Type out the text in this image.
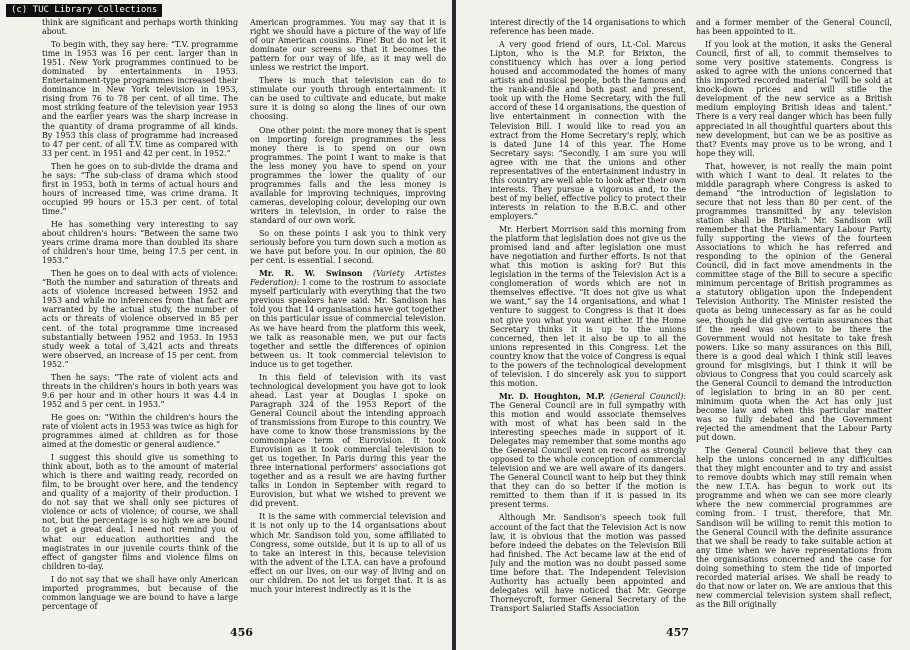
(c) TUC Library Collections

think are significant and perhaps worth thinking about.

To begin with, they say here: “T.V. programme time in 1953 was 16 per cent. larger than in 1951. New York programmes continued to be dominated by entertainments in 1953. Entertainment-type programmes increased their dominance in New York television in 1953, rising from 76 to 78 per cent. of all time. The most striking feature of the television year 1953 and the earlier years was the sharp increase in the quantity of drama programme of all kinds. By 1953 this class of programme had increased to 47 per cent. of all T.V. time as compared with 33 per cent. in 1951 and 42 per cent. in 1952.”

Then he goes on to sub-divide the drama and he says: “The sub-class of drama which stood first in 1953, both in terms of actual hours and hours of increased time, was crime drama. It occupied 99 hours or 15.3 per cent. of total time.”

He has something very interesting to say about children's hours: “Between the same two years crime drama more than doubled its share of children's hour time, being 17.5 per cent. in 1953.”

Then he goes on to deal with acts of violence: “Both the number and saturation of threats and acts of violence increased between 1952 and 1953 and while no inferences from that fact are warranted by the actual study, the number of acts or threats of violence observed in 85 per cent. of the total programme time increased substantially between 1952 and 1953. In 1953 study week a total of 3,421 acts and threats were observed, an increase of 15 per cent. from 1952.”

Then he says: “The rate of violent acts and threats in the children's hours in both years was 9.6 per hour and in other hours it was 4.4 in 1952 and 5 per cent. in 1953.”

He goes on: “Within the children's hours the rate of violent acts in 1953 was twice as high for programmes aimed at children as for those aimed at the domestic or general audience.”

I suggest this should give us something to think about, both as to the amount of material which is there and waiting ready, recorded on film, to be brought over here, and the tendency and quality of a majority of their production. I do not say that we shall only see pictures of violence or acts of violence; of course, we shall not, but the percentage is so high we are bound to get a great deal. I need not remind you of what our education authorities and the magistrates in our juvenile courts think of the effect of gangster films and violence films on children to-day.

I do not say that we shall have only American imported programmes, but because of the common language we are bound to have a large percentage of

American programmes. You may say that it is right we should have a picture of the way of life of our American cousins. Fine! But do not let it dominate our screens so that it becomes the pattern for our way of life, as it may well do unless we restrict the import.

There is much that television can do to stimulate our youth through entertainment: it can be used to cultivate and educate, but make sure it is doing so along the lines of our own choosing.

One other point: the more money that is spent on importing foreign programmes the less money there is to spend on our own programmes. The point I want to make is that the less money you have to spend on your programmes the lower the quality of our programmes falls and the less money is available for improving techniques, improving cameras, developing colour, developing our own writers in television, in order to raise the standard of our own work.

So on these points I ask you to think very seriously before you turn down such a motion as we have put before you. In our opinion, the 80 per cent. is essential. I second.

Mr. R. W. Swinson (Variety Artistes Federation): I come to the rostrum to associate myself particularly with everything that the two previous speakers have said. Mr. Sandison has told you that 14 organisations have got together on this particular issue of commercial television. As we have heard from the platform this week, we talk as reasonable men, we put our facts together and settle the differences of opinion between us. It took commercial television to induce us to get together.

In this field of television with its vast technological development you have got to look ahead. Last year at Douglas I spoke on Paragraph 324 of the 1953 Report of the General Council about the intending approach of transmissions from Europe to this country. We have come to know those transmissions by the commonplace term of Eurovision. It took Eurovision as it took commercial television to get us together. In Paris during this year the three international performers' associations got together and as a result we are having further talks in London in September with regard to Eurovision, but what we wished to prevent we did prevent.

It is the same with commercial television and it is not only up to the 14 organisations about which Mr. Sandison told you, some affiliated to Congress, some outside, but it is up to all of us to take an interest in this, because television with the advent of the I.T.A. can have a profound effect on our lives, on our way of living and on our children. Do not let us forget that. It is as much your interest indirectly as it is the

456

interest directly of the 14 organisations to which reference has been made.

A very good friend of ours, Lt.-Col. Marcus Lipton, who is the M.P. for Brixton, the constituency which has over a long period housed and accommodated the homes of many artists and musical people, both the famous and the rank-and-file and both past and present, took up with the Home Secretary, with the full accord of these 14 organisations, the question of live entertainment in connection with the Television Bill. I would like to read you an extract from the Home Secretary's reply, which is dated June 14 of this year. The Home Secretary says: “Secondly, I am sure you will agree with me that the unions and other representatives of the entertainment industry in this country are well able to look after their own interests. They pursue a vigorous and, to the best of my belief, effective policy to protect their interests in relation to the B.B.C. and other employers.”

Mr. Herbert Morrison said this morning from the platform that legislation does not give us the promised land and after legislation one must have negotiation and further efforts. Is not that what this motion is asking for? But this legislation in the terms of the Television Act is a conglomeration of words which are not in themselves effective. “It does not give us what we want,” say the 14 organisations, and what I venture to suggest to Congress is that it does not give you what you want either. If the Home Secretary thinks it is up to the unions concerned, then let it also be up to all the unions represented in this Congress. Let the country know that the voice of Congress is equal to the powers of the technological development of television. I do sincerely ask you to support this motion.

Mr. D. Houghton, M.P. (General Council): The General Council are in full sympathy with this motion and would associate themselves with most of what has been said in the interesting speeches made in support of it. Delegates may remember that some months ago the General Council went on record as strongly opposed to the whole conception of commercial television and we are well aware of its dangers. The General Council want to help but they think that they can do so better if the motion is remitted to them than if it is passed in its present terms.

Although Mr. Sandison's speech took full account of the fact that the Television Act is now law, it is obvious that the motion was passed before indeed the debates on the Television Bill had finished. The Act became law at the end of July and the motion was no doubt passed some time before that. The Independent Television Authority has actually been appointed and delegates will have noticed that Mr. George Thorneycroft, former General Secretary of the Transport Salaried Staffs Association

and a former member of the General Council, has been appointed to it.

If you look at the motion, it asks the General Council, first of all, to commit themselves to some very positive statements. Congress is asked to agree with the unions concerned that this imported recorded material “will be sold at knock-down prices and will stifle the development of the new service as a British medium employing British ideas and talent.” There is a very real danger which has been fully appreciated in all thoughtful quarters about this new development, but can we be as positive as that? Events may prove us to be wrong, and I hope they will.

That, however, is not really the main point with which I want to deal. It relates to the middle paragraph where Congress is asked to demand “the introduction of legislation to secure that not less than 80 per cent. of the programmes transmitted by any television station shall be British.” Mr. Sandison will remember that the Parliamentary Labour Party, fully supporting the views of the fourteen Associations to which he has referred and responding to the opinion of the General Council, did in fact move amendments in the committee stage of the Bill to secure a specific minimum percentage of British programmes as a statutory obligation upon the Independent Television Authority. The Minister resisted the quota as being unnecessary as far as he could see, though he did give certain assurances that if the need was shown to be there the Government would not hesitate to take fresh powers. Like so many assurances on this Bill, there is a good deal which I think still leaves ground for misgivings, but I think it will be obvious to Congress that you could scarcely ask the General Council to demand the introduction of legislation to bring in an 80 per cent. minimum quota when the Act has only just become law and when this particular matter was so fully debated and the Government rejected the amendment that the Labour Party put down.

The General Council believe that they can help the unions concerned in any difficulties that they might encounter and to try and assist to remove doubts which may still remain when the new I.T.A. has begun to work out its programme and when we can see more clearly where the new commercial programmes are coming from. I trust, therefore, that Mr. Sandison will be willing to remit this motion to the General Council with the definite assurance that we shall be ready to take suitable action at any time when we have representations from the organisations concerned and the case for doing something to stem the tide of imported recorded material arises. We shall be ready to do that now or later on. We are anxious that this new commercial television system shall reflect, as the Bill originally

457
